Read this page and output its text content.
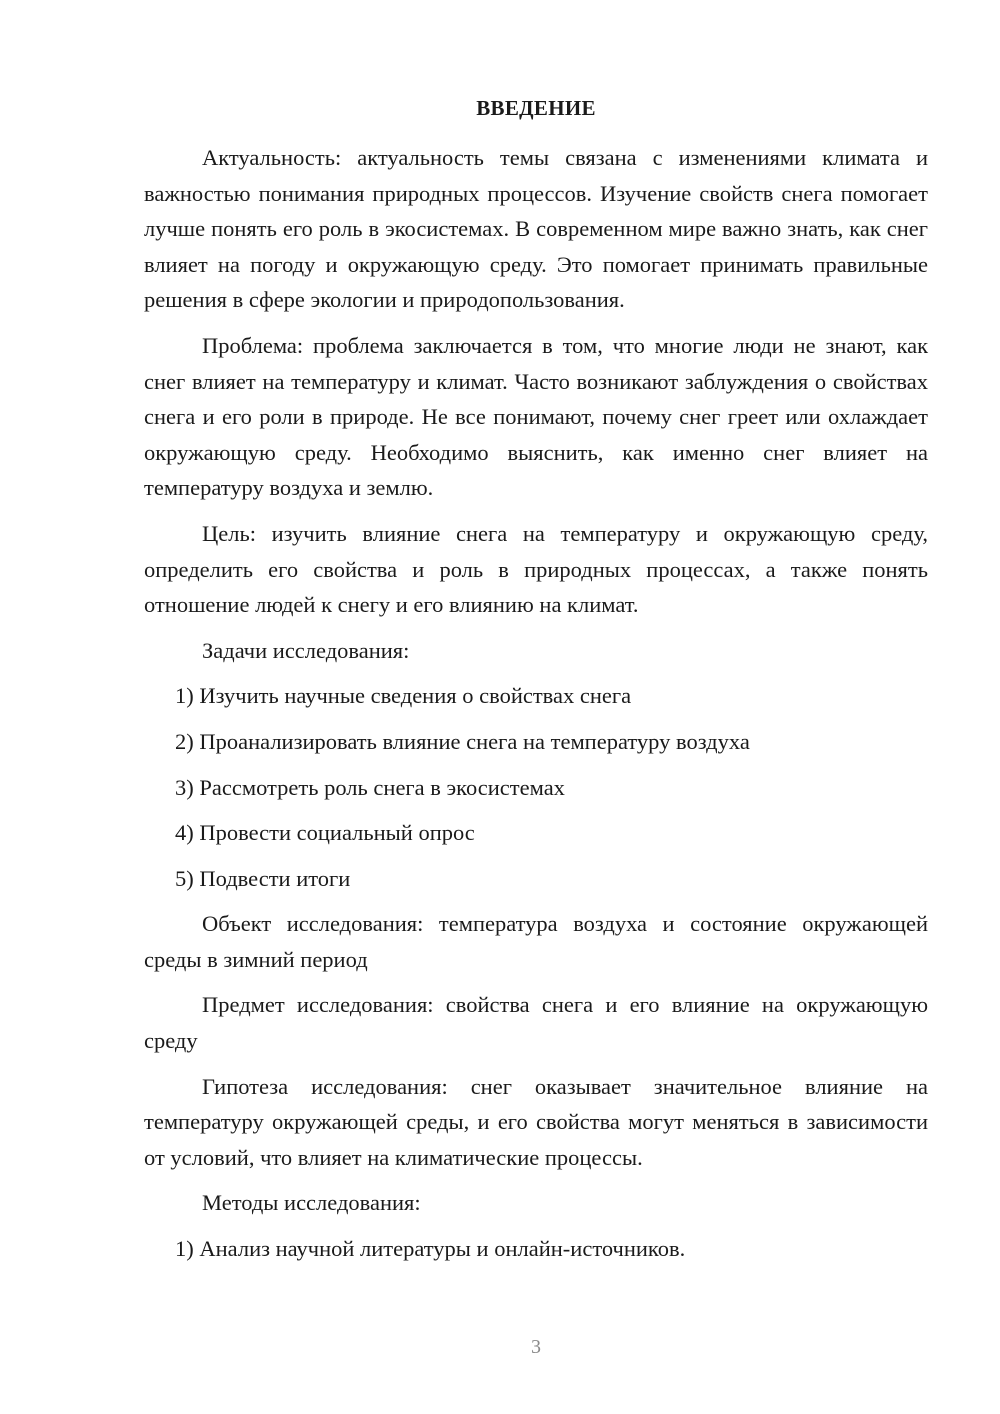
ВВЕДЕНИЕ

Актуальность: актуальность темы связана с изменениями климата и важностью понимания природных процессов. Изучение свойств снега помогает лучше понять его роль в экосистемах. В современном мире важно знать, как снег влияет на погоду и окружающую среду. Это помогает принимать правильные решения в сфере экологии и природопользования.

Проблема: проблема заключается в том, что многие люди не знают, как снег влияет на температуру и климат. Часто возникают заблуждения о свойствах снега и его роли в природе. Не все понимают, почему снег греет или охлаждает окружающую среду. Необходимо выяснить, как именно снег влияет на температуру воздуха и землю.

Цель: изучить влияние снега на температуру и окружающую среду, определить его свойства и роль в природных процессах, а также понять отношение людей к снегу и его влиянию на климат.

Задачи исследования:

1) Изучить научные сведения о свойствах снега

2) Проанализировать влияние снега на температуру воздуха

3) Рассмотреть роль снега в экосистемах

4) Провести социальный опрос

5) Подвести итоги

Объект исследования: температура воздуха и состояние окружающей среды в зимний период

Предмет исследования: свойства снега и его влияние на окружающую среду

Гипотеза исследования: снег оказывает значительное влияние на температуру окружающей среды, и его свойства могут меняться в зависимости от условий, что влияет на климатические процессы.

Методы исследования:

1) Анализ научной литературы и онлайн-источников.

3
